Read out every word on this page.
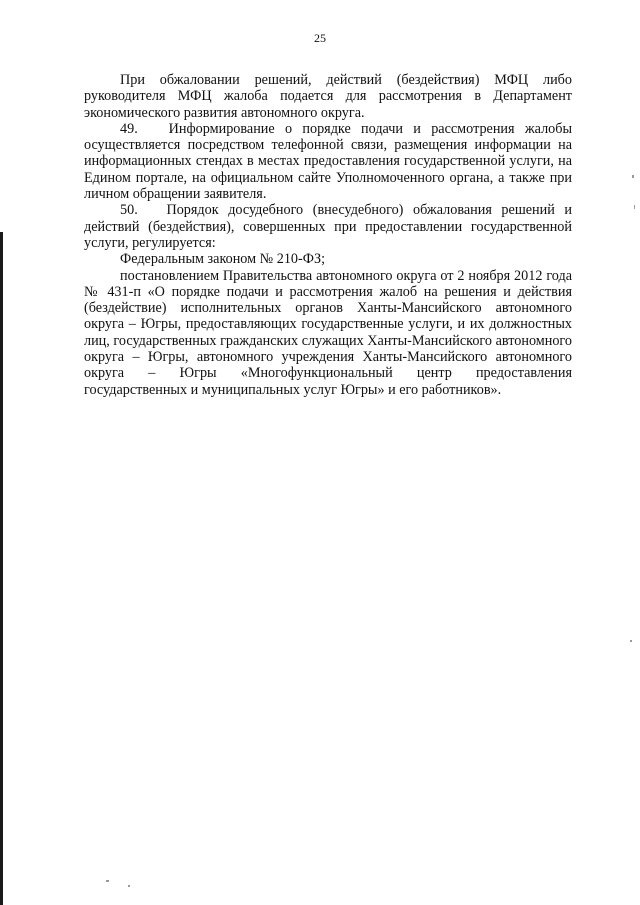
25

При обжаловании решений, действий (бездействия) МФЦ либо руководителя МФЦ жалоба подается для рассмотрения в Департамент экономического развития автономного округа.

49.   Информирование о порядке подачи и рассмотрения жалобы осуществляется посредством телефонной связи, размещения информации на информационных стендах в местах предоставления государственной услуги, на Едином портале, на официальном сайте Уполномоченного органа, а также при личном обращении заявителя.

50.   Порядок досудебного (внесудебного) обжалования решений и действий (бездействия), совершенных при предоставлении государственной услуги, регулируется:

Федеральным законом № 210-ФЗ;

постановлением Правительства автономного округа от 2 ноября 2012 года № 431-п «О порядке подачи и рассмотрения жалоб на решения и действия (бездействие) исполнительных органов Ханты-Мансийского автономного округа – Югры, предоставляющих государственные услуги, и их должностных лиц, государственных гражданских служащих Ханты-Мансийского автономного округа – Югры, автономного учреждения Ханты-Мансийского автономного округа – Югры «Многофункциональный центр предоставления государственных и муниципальных услуг Югры» и его работников».
